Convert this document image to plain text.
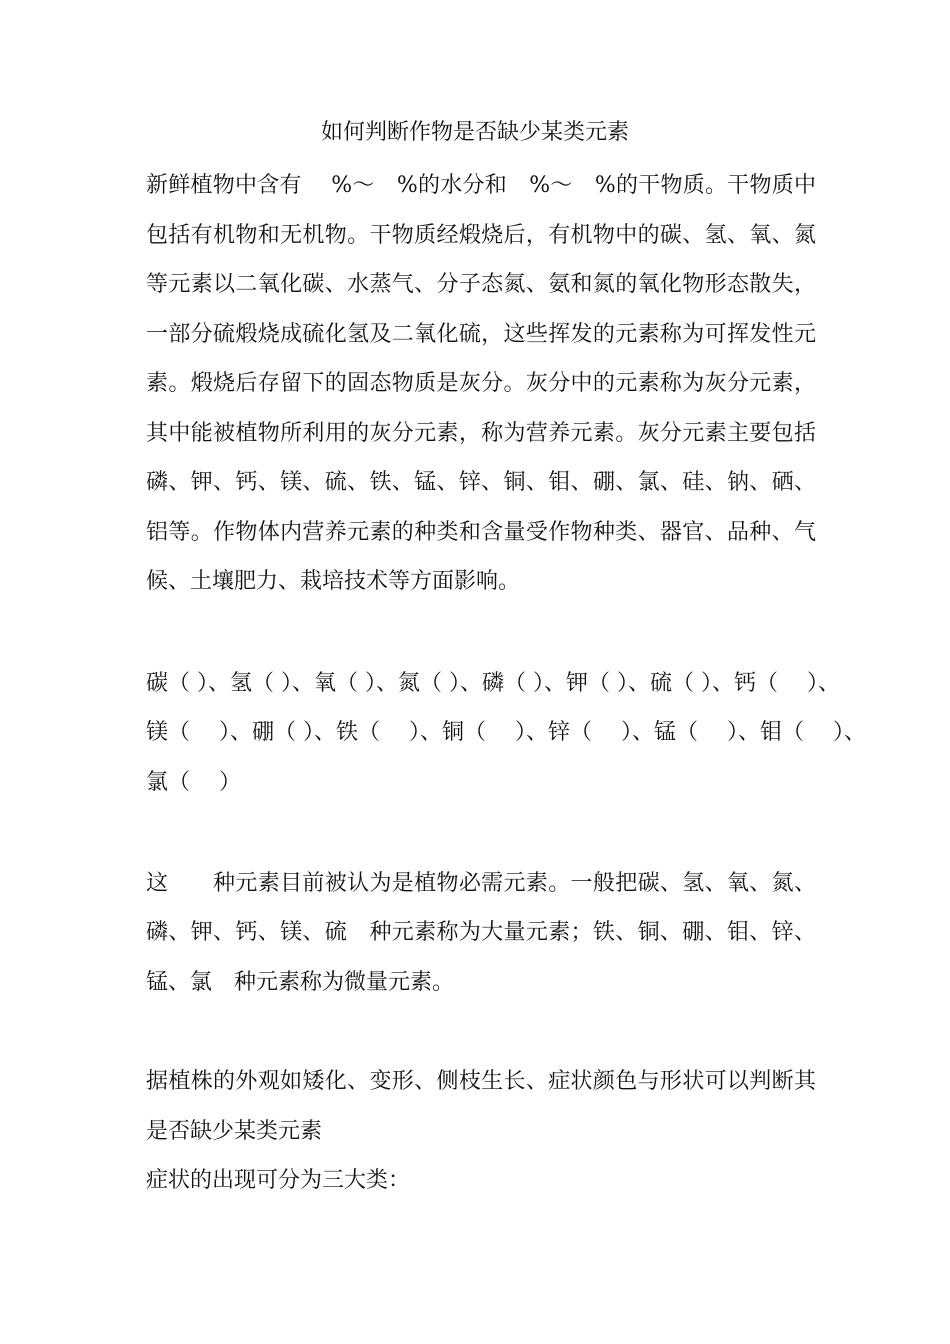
如何判断作物是否缺少某类元素

新鲜植物中含有　 %～　%的水分和　%～　%的干物质。干物质中

包括有机物和无机物。干物质经煅烧后，有机物中的碳、氢、氧、氮

等元素以二氧化碳、水蒸气、分子态氮、氨和氮的氧化物形态散失，

一部分硫煅烧成硫化氢及二氧化硫，这些挥发的元素称为可挥发性元

素。煅烧后存留下的固态物质是灰分。灰分中的元素称为灰分元素，

其中能被植物所利用的灰分元素，称为营养元素。灰分元素主要包括

磷、钾、钙、镁、硫、铁、锰、锌、铜、钼、硼、氯、硅、钠、硒、

铝等。作物体内营养元素的种类和含量受作物种类、器官、品种、气

候、土壤肥力、栽培技术等方面影响。

碳（ ）、氢（ ）、氧（ ）、氮（ ）、磷（ ）、钾（ ）、硫（ ）、钙（　 ）、

镁（　 ）、硼（ ）、铁（　 ）、铜（　 ）、锌（　 ）、锰（　 ）、钼（　 ）、

氯（　 ）

这　　种元素目前被认为是植物必需元素。一般把碳、氢、氧、氮、

磷、钾、钙、镁、硫　种元素称为大量元素；铁、铜、硼、钼、锌、

锰、氯　种元素称为微量元素。

据植株的外观如矮化、变形、侧枝生长、症状颜色与形状可以判断其

是否缺少某类元素

症状的出现可分为三大类：
